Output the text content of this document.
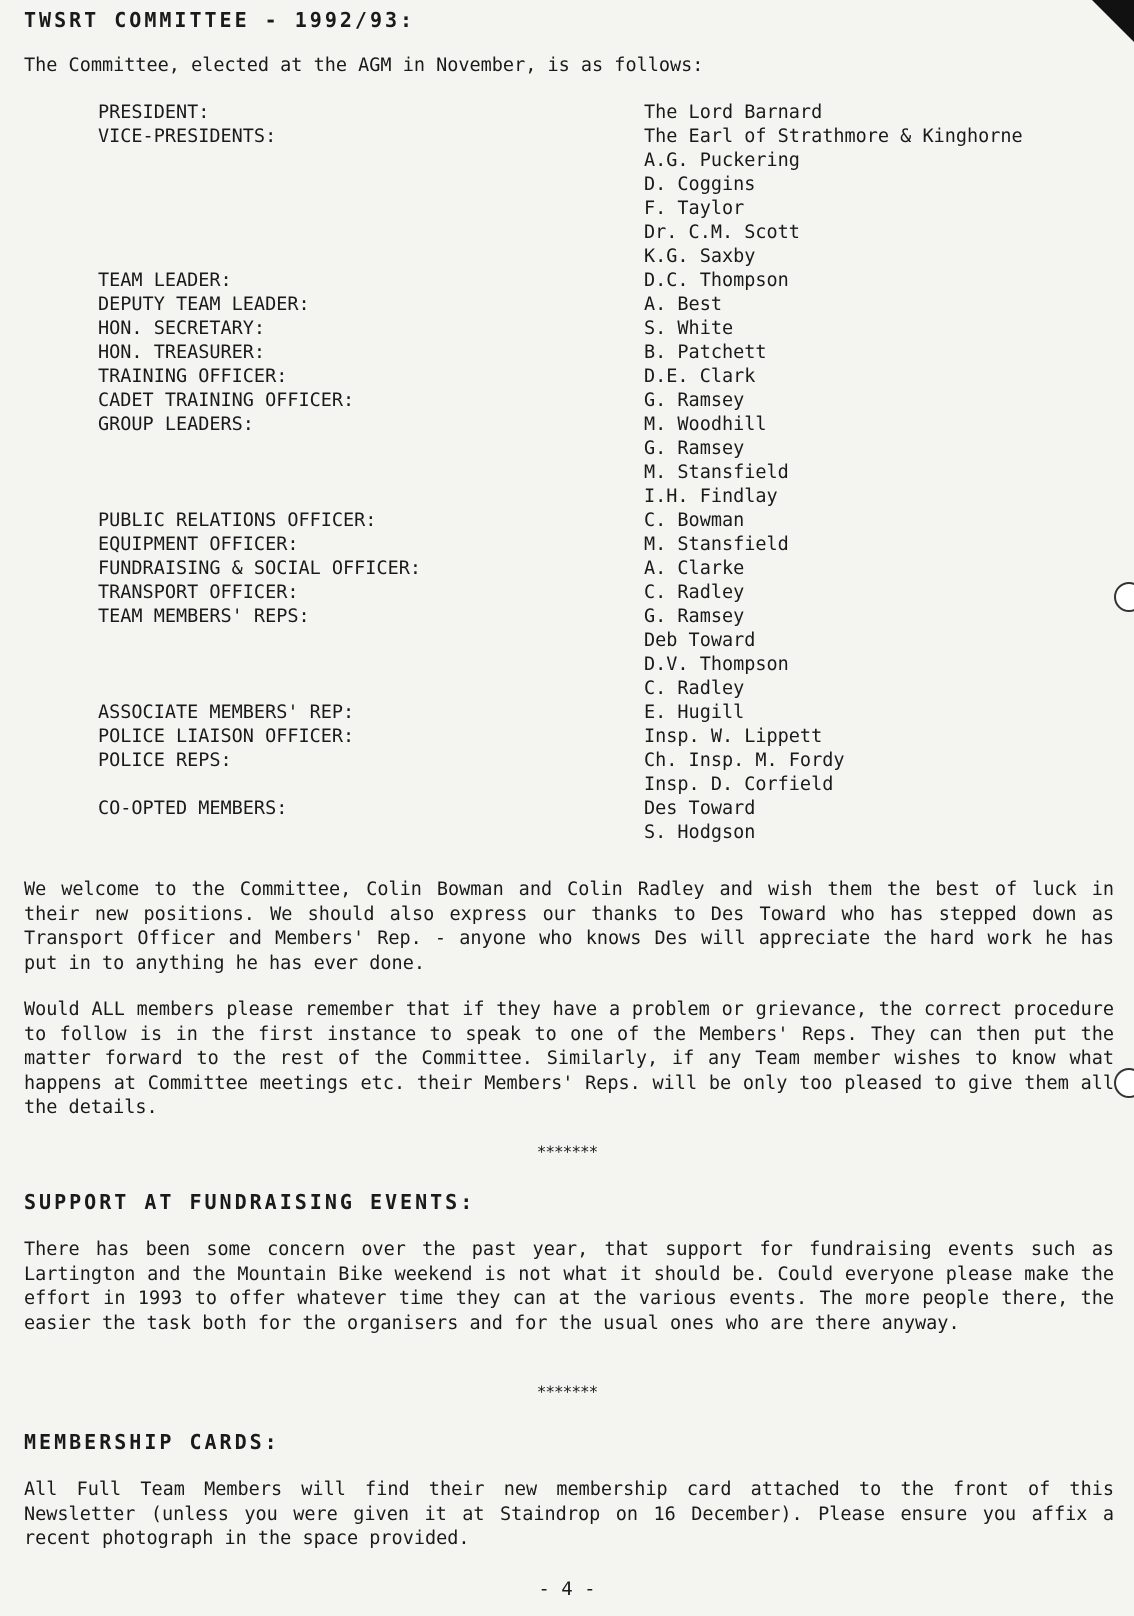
TWSRT COMMITTEE - 1992/93:
The Committee, elected at the AGM in November, is as follows:
PRESIDENT:
VICE-PRESIDENTS:
TEAM LEADER:
DEPUTY TEAM LEADER:
HON. SECRETARY:
HON. TREASURER:
TRAINING OFFICER:
CADET TRAINING OFFICER:
GROUP LEADERS:
PUBLIC RELATIONS OFFICER:
EQUIPMENT OFFICER:
FUNDRAISING & SOCIAL OFFICER:
TRANSPORT OFFICER:
TEAM MEMBERS' REPS:
ASSOCIATE MEMBERS' REP:
POLICE LIAISON OFFICER:
POLICE REPS:
CO-OPTED MEMBERS:
The Lord Barnard
The Earl of Strathmore & Kinghorne
A.G. Puckering
D. Coggins
F. Taylor
Dr. C.M. Scott
K.G. Saxby
D.C. Thompson
A. Best
S. White
B. Patchett
D.E. Clark
G. Ramsey
M. Woodhill
G. Ramsey
M. Stansfield
I.H. Findlay
C. Bowman
M. Stansfield
A. Clarke
C. Radley
G. Ramsey
Deb Toward
D.V. Thompson
C. Radley
E. Hugill
Insp. W. Lippett
Ch. Insp. M. Fordy
Insp. D. Corfield
Des Toward
S. Hodgson
We welcome to the Committee, Colin Bowman and Colin Radley and wish them the best of luck in their new positions. We should also express our thanks to Des Toward who has stepped down as Transport Officer and Members' Rep. - anyone who knows Des will appreciate the hard work he has put in to anything he has ever done.
Would ALL members please remember that if they have a problem or grievance, the correct procedure to follow is in the first instance to speak to one of the Members' Reps. They can then put the matter forward to the rest of the Committee. Similarly, if any Team member wishes to know what happens at Committee meetings etc. their Members' Reps. will be only too pleased to give them all the details.
*******
SUPPORT AT FUNDRAISING EVENTS:
There has been some concern over the past year, that support for fundraising events such as Lartington and the Mountain Bike weekend is not what it should be. Could everyone please make the effort in 1993 to offer whatever time they can at the various events. The more people there, the easier the task both for the organisers and for the usual ones who are there anyway.
*******
MEMBERSHIP CARDS:
All Full Team Members will find their new membership card attached to the front of this Newsletter (unless you were given it at Staindrop on 16 December). Please ensure you affix a recent photograph in the space provided.
- 4 -
